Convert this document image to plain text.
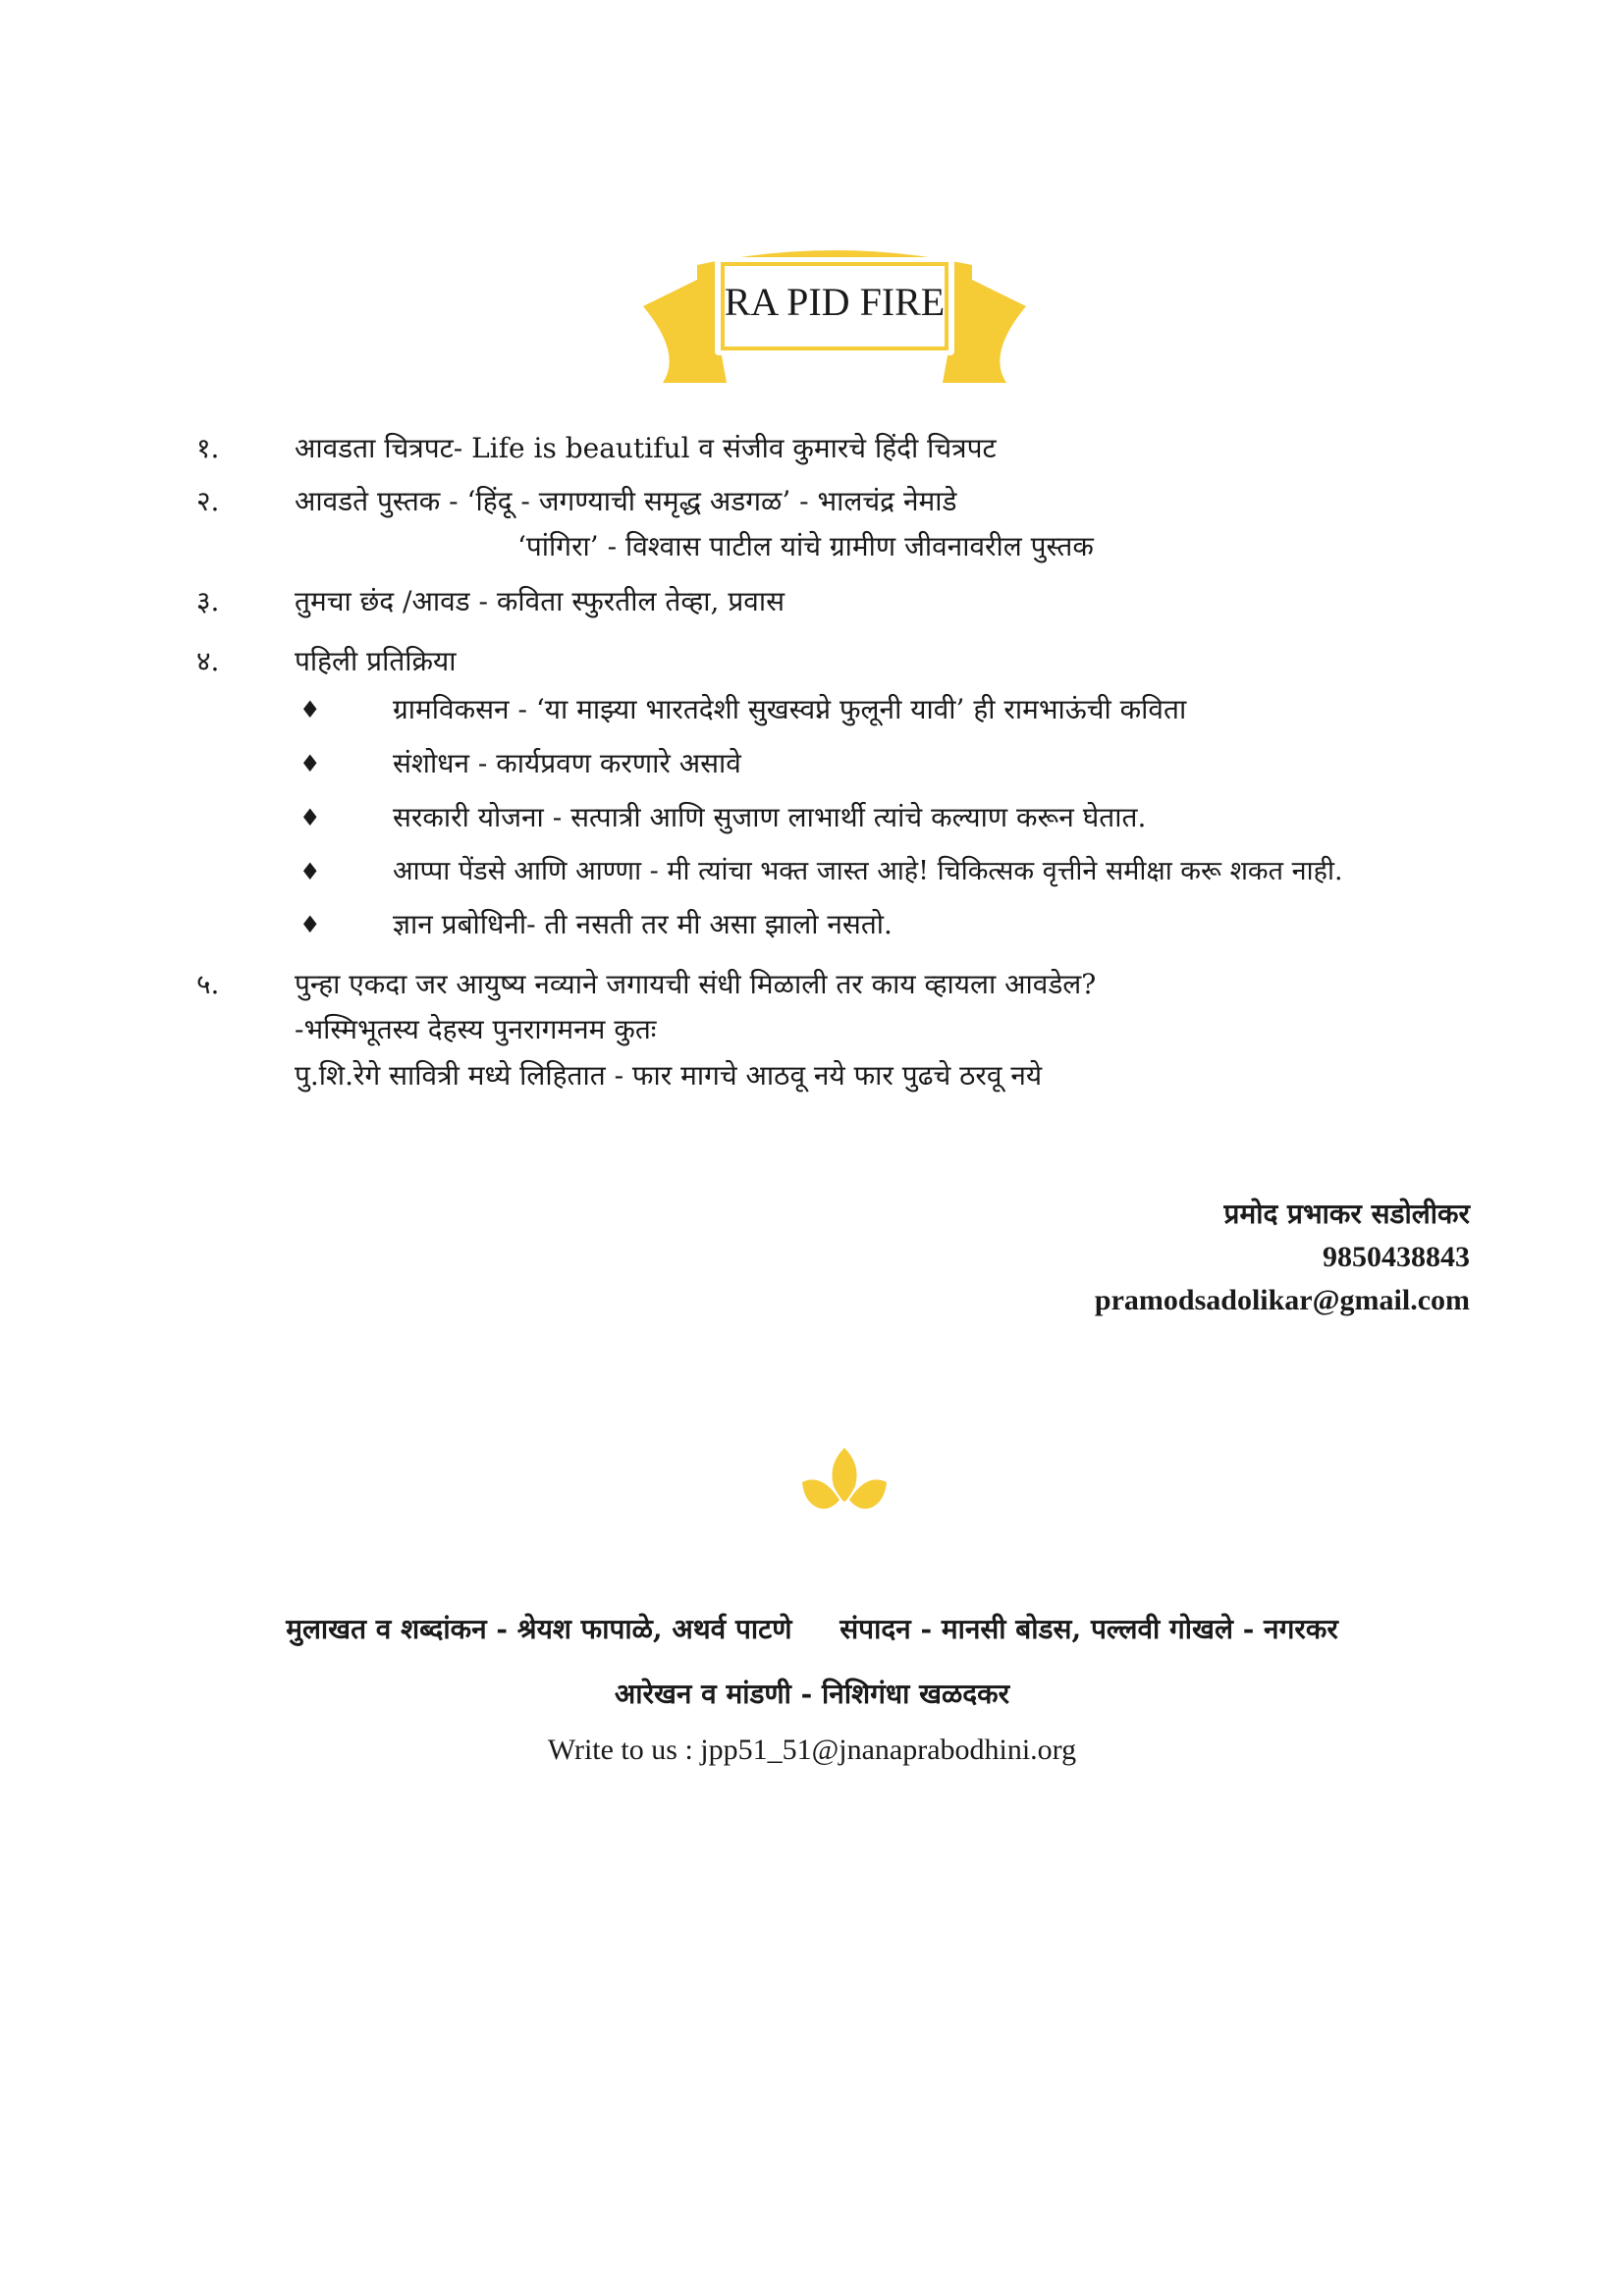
RA PID FIRE
१.	आवडता चित्रपट- Life is beautiful व संजीव कुमारचे हिंदी चित्रपट
२.	आवडते पुस्तक - ‘हिंदू - जगण्याची समृद्ध अडगळ’ - भालचंद्र नेमाडे
‘पांगिरा’ - विश्वास पाटील यांचे ग्रामीण जीवनावरील पुस्तक
३.	तुमचा छंद /आवड - कविता स्फुरतील तेव्हा, प्रवास
४.	पहिली प्रतिक्रिया
♦	ग्रामविकसन - ‘या माझ्या भारतदेशी सुखस्वप्ने फुलूनी यावी’ ही रामभाऊंची कविता
♦	संशोधन - कार्यप्रवण करणारे असावे
♦	सरकारी योजना - सत्पात्री आणि सुजाण लाभार्थी त्यांचे कल्याण करून घेतात.
♦	आप्पा पेंडसे आणि आण्णा - मी त्यांचा भक्त जास्त आहे! चिकित्सक वृत्तीने समीक्षा करू शकत नाही.
♦	ज्ञान प्रबोधिनी- ती नसती तर मी असा झालो नसतो.
५.	पुन्हा एकदा जर आयुष्य नव्याने जगायची संधी मिळाली तर काय व्हायला आवडेल?
-भस्मिभूतस्य देहस्य पुनरागमनम कुतः
पु.शि.रेगे सावित्री मध्ये लिहितात - फार मागचे आठवू नये फार पुढचे ठरवू नये
प्रमोद प्रभाकर सडोलीकर
9850438843
pramodsadolikar@gmail.com
मुलाखत व शब्दांकन - श्रेयश फापाळे, अथर्व पाटणे     संपादन - मानसी बोडस, पल्लवी गोखले - नगरकर
आरेखन व मांडणी - निशिगंधा खळदकर
Write to us : jpp51_51@jnanaprabodhini.org
